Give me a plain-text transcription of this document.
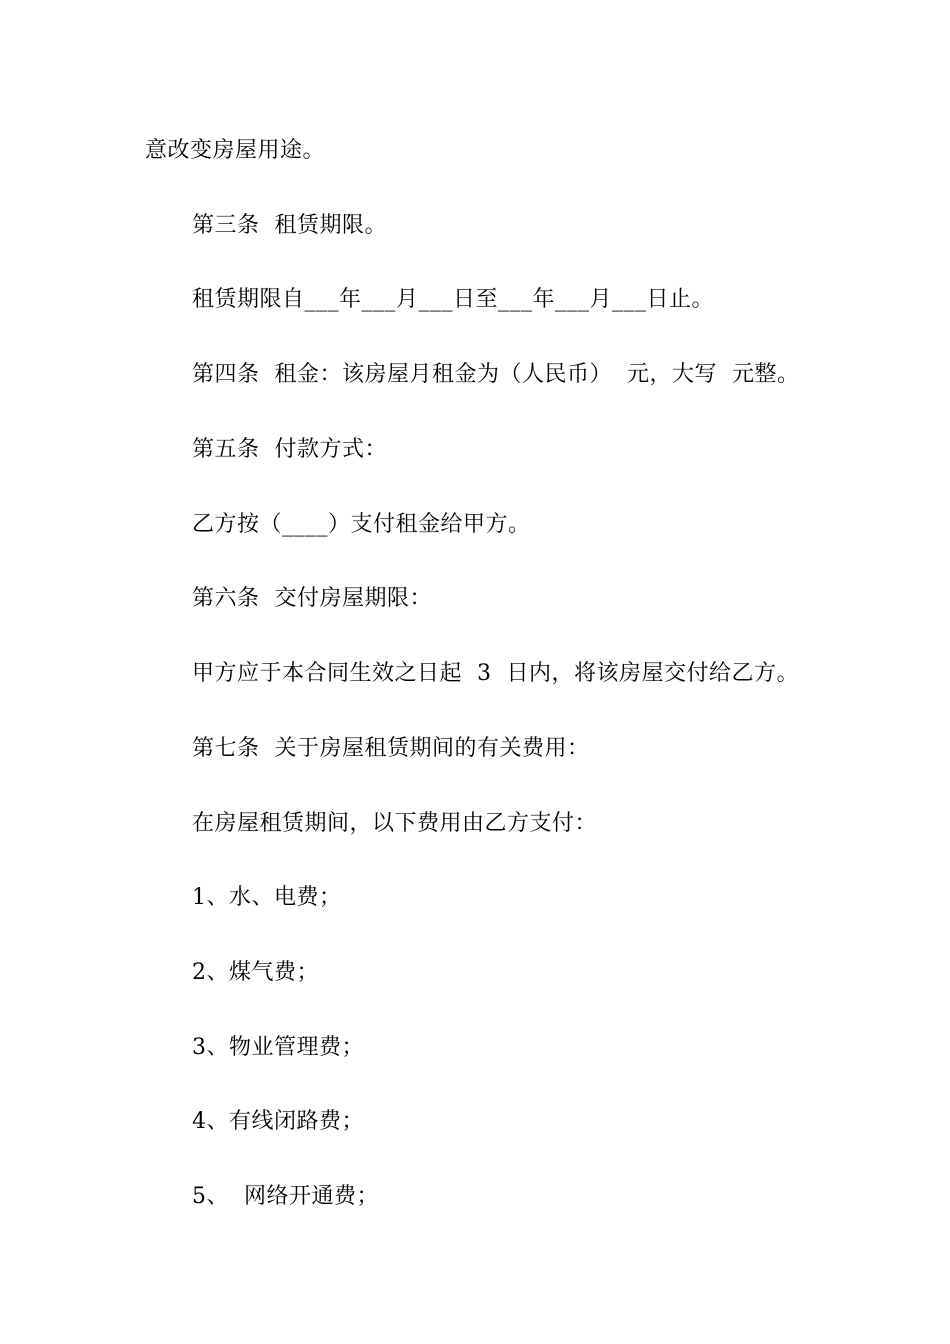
意改变房屋用途。
第三条  租赁期限。
租赁期限自___年___月___日至___年___月___日止。
第四条  租金：该房屋月租金为（人民币）  元，大写  元整。
第五条  付款方式：
乙方按（____）支付租金给甲方。
第六条  交付房屋期限：
甲方应于本合同生效之日起  3  日内，将该房屋交付给乙方。
第七条  关于房屋租赁期间的有关费用：
在房屋租赁期间，以下费用由乙方支付：
1、水、电费；
2、煤气费；
3、物业管理费；
4、有线闭路费；
5、  网络开通费；
